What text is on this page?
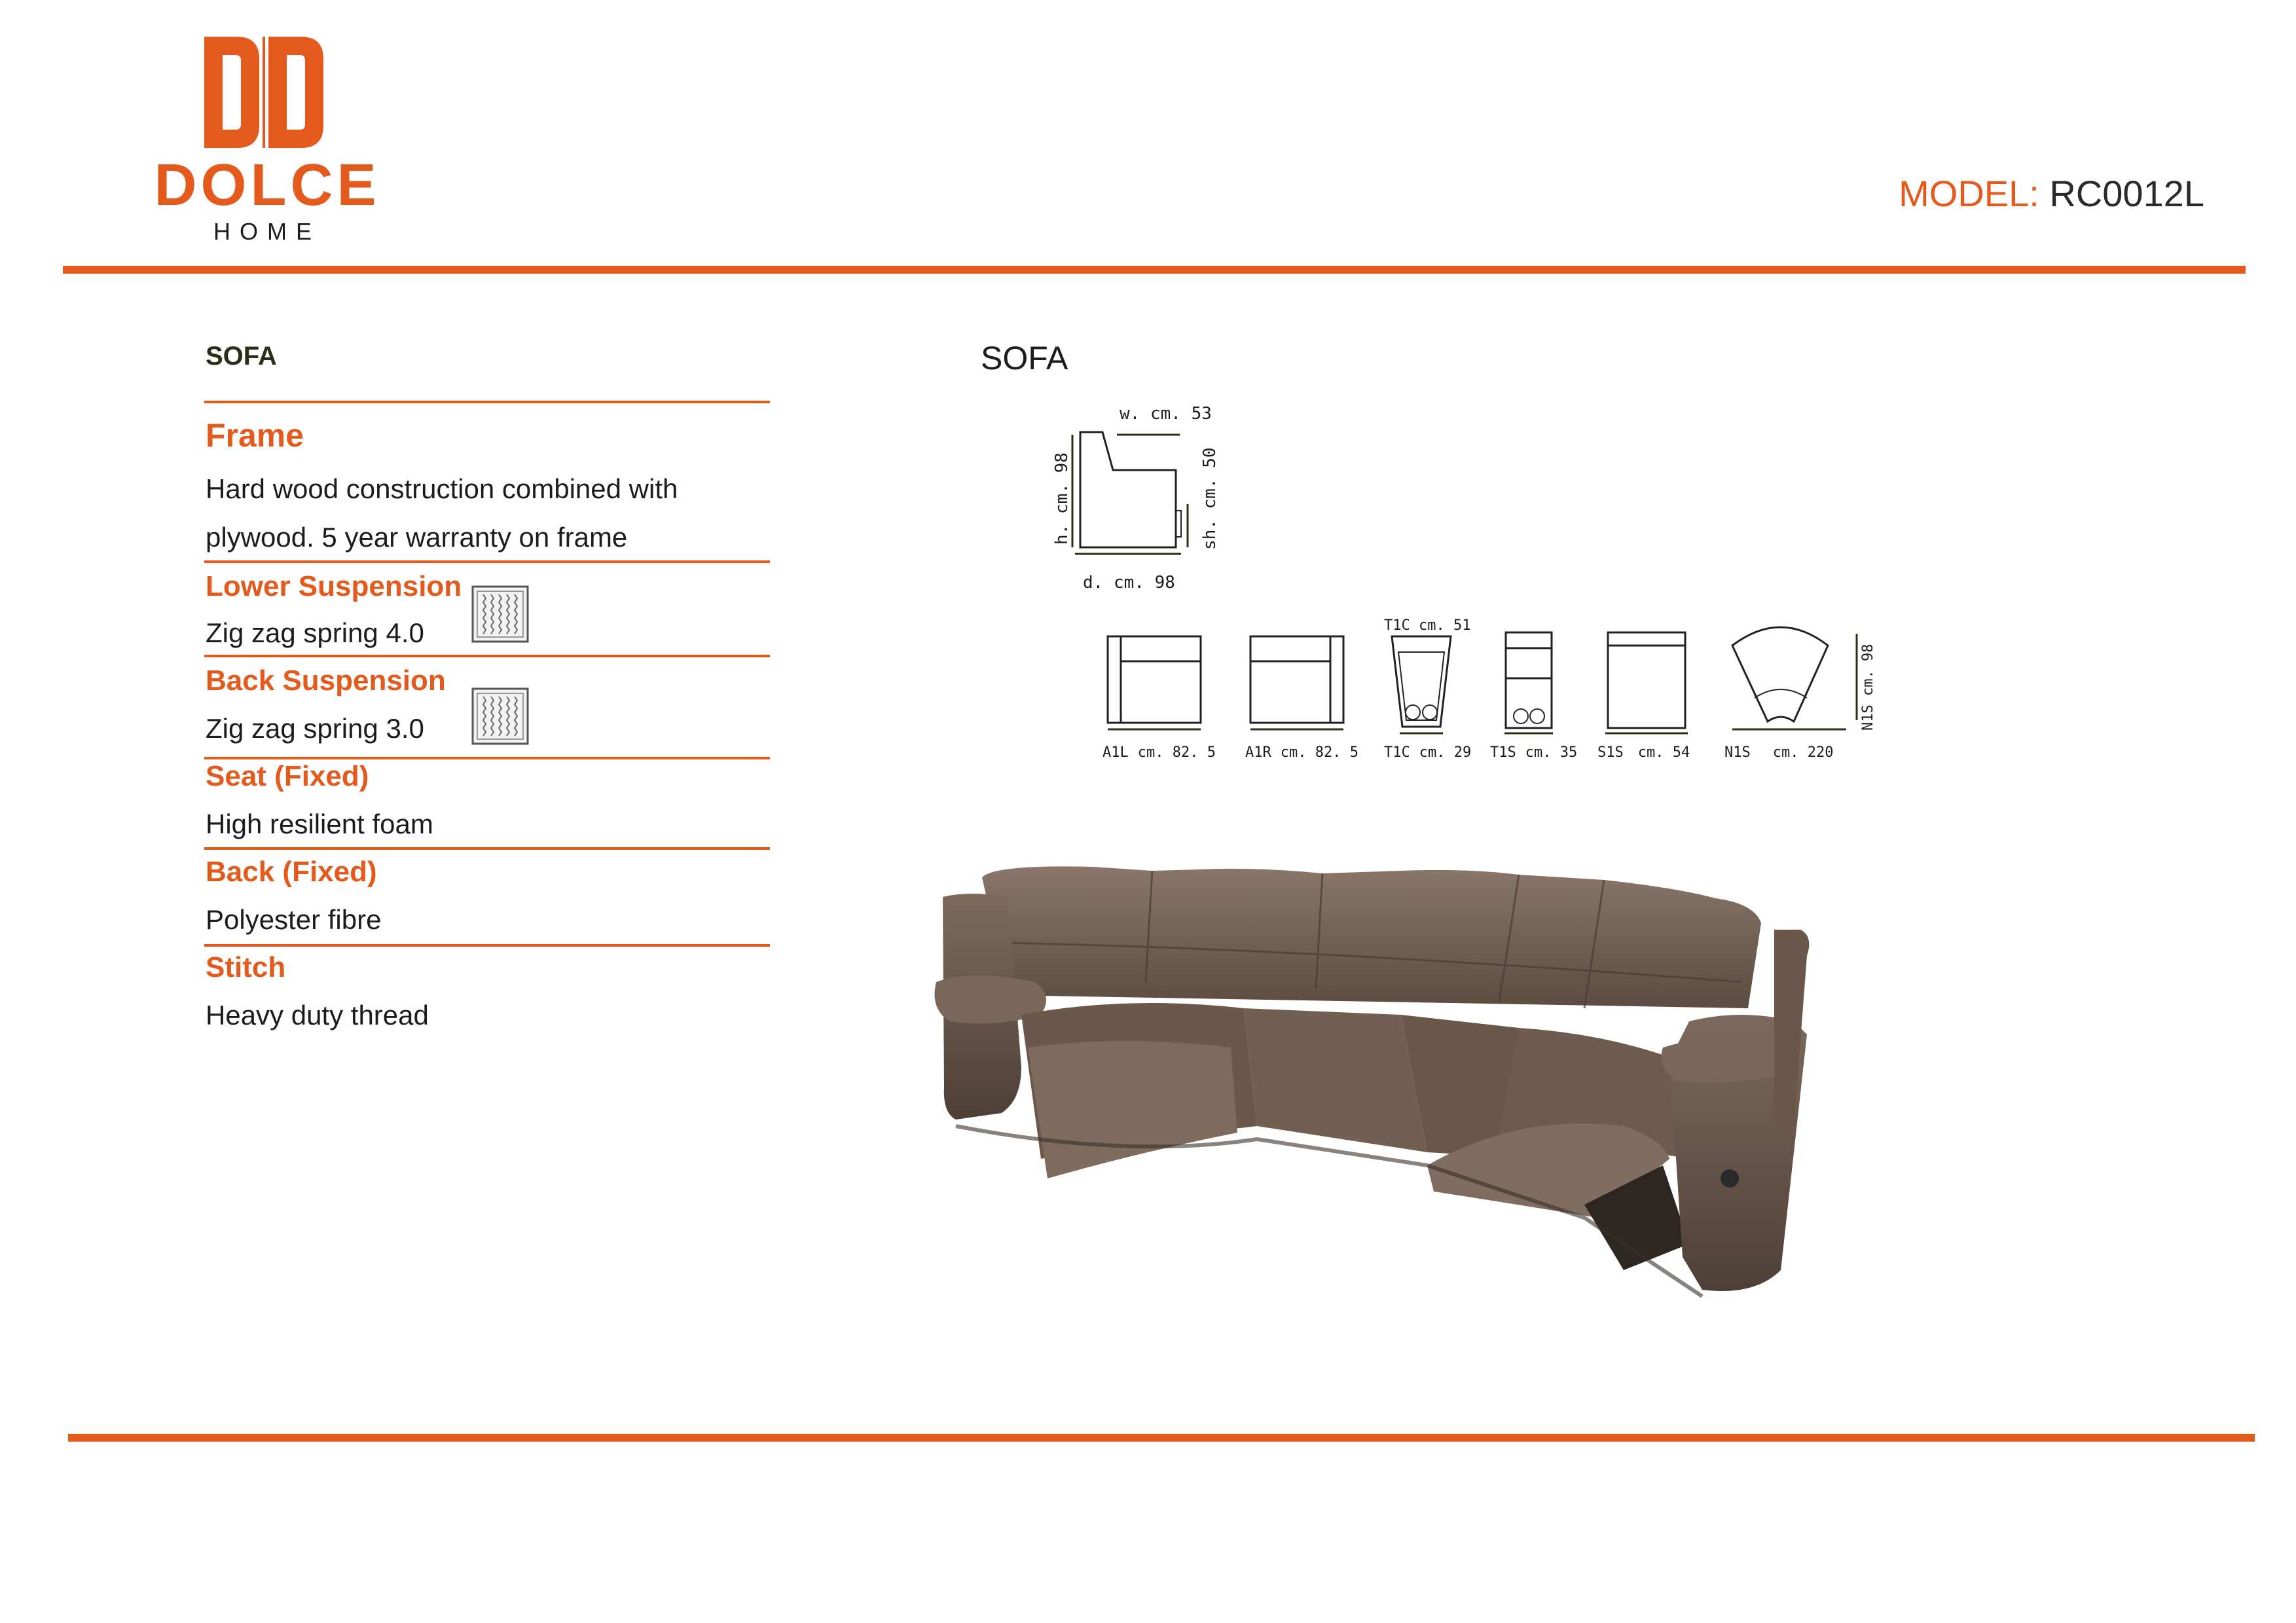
DOLCE
HOME
MODEL: RC0012L
SOFA
Frame
Hard wood construction combined with
plywood. 5 year warranty on frame
Lower Suspension
Zig zag spring 4.0
Back Suspension
Zig zag spring 3.0
Seat (Fixed)
High resilient foam
Back (Fixed)
Polyester fibre
Stitch
Heavy duty thread
SOFA
w. cm. 53
h. cm. 98	sh. cm. 50
d. cm. 98
T1C cm. 51
N1S cm. 98
A1L cm. 82. 5 A1R cm. 82. 5 T1C cm. 29 T1S cm. 35 S1S cm. 54 N1S cm. 220
